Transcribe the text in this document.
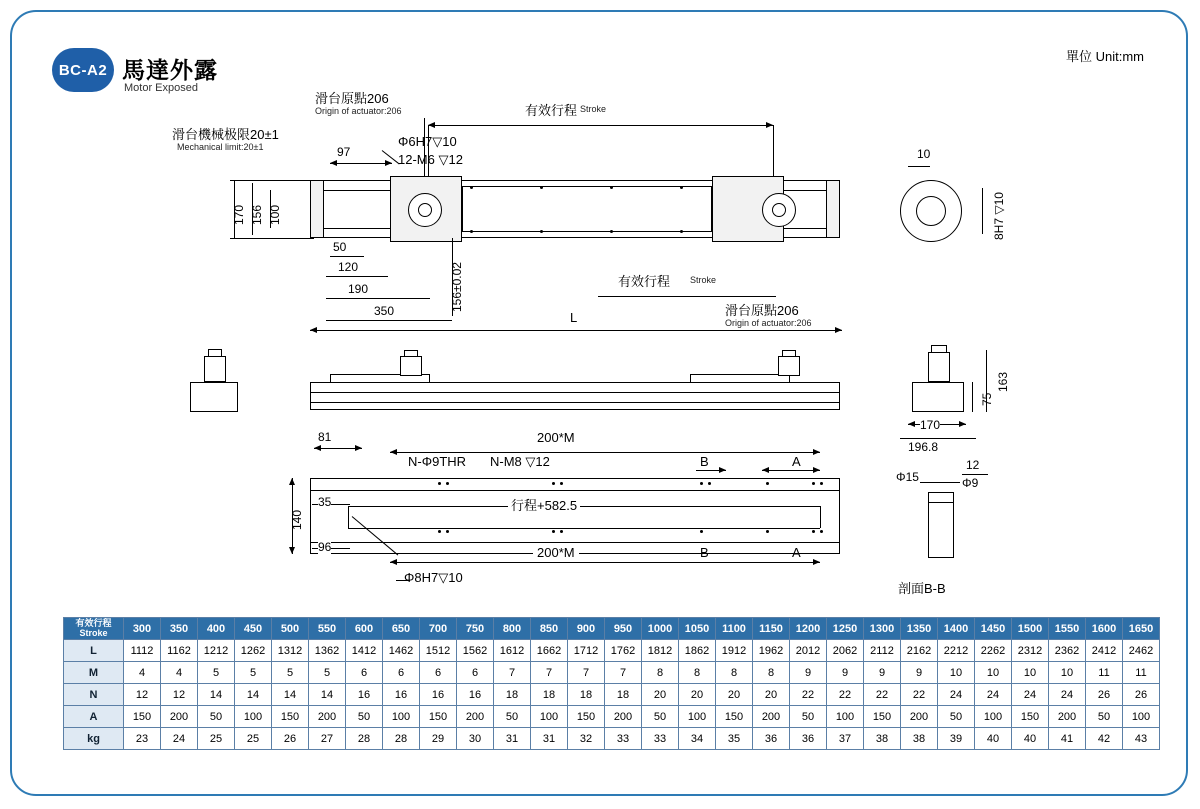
BC-A2 馬達外露
Motor Exposed
單位 Unit:mm
有效行程 Stroke
滑台原點206
Origin of actuator:206
滑台機械极限20±1
Mechanical limit:20±1	Φ6H7▽10
12-M6 ▽12
97
170 156 100
156±0.02
50
120
190
350
有效行程 Stroke
L	滑台原點206
Origin of actuator:206
10
8H7 ▽10
163
75
170
196.8
81	200*M
N-Φ9THR N-M8 ▽12	B	A
140
35	行程+582.5
96	200*M	B	A
Φ8H7▽10
Φ15
12
Φ9
剖面B-B
有效行程
Stroke	300	350	400	450	500	550	600	650	700	750	800	850	900	950	1000	1050	1100	1150	1200	1250	1300	1350	1400	1450	1500	1550	1600	1650
L	1112	1162	1212	1262	1312	1362	1412	1462	1512	1562	1612	1662	1712	1762	1812	1862	1912	1962	2012	2062	2112	2162	2212	2262	2312	2362	2412	2462
M	4	4	5	5	5	5	6	6	6	6	7	7	7	7	8	8	8	8	9	9	9	9	10	10	10	10	11	11
N	12	12	14	14	14	14	16	16	16	16	18	18	18	18	20	20	20	20	22	22	22	22	24	24	24	24	26	26
A	150	200	50	100	150	200	50	100	150	200	50	100	150	200	50	100	150	200	50	100	150	200	50	100	150	200	50	100
kg	23	24	25	25	26	27	28	28	29	30	31	31	32	33	33	34	35	36	36	37	38	38	39	40	40	41	42	43
